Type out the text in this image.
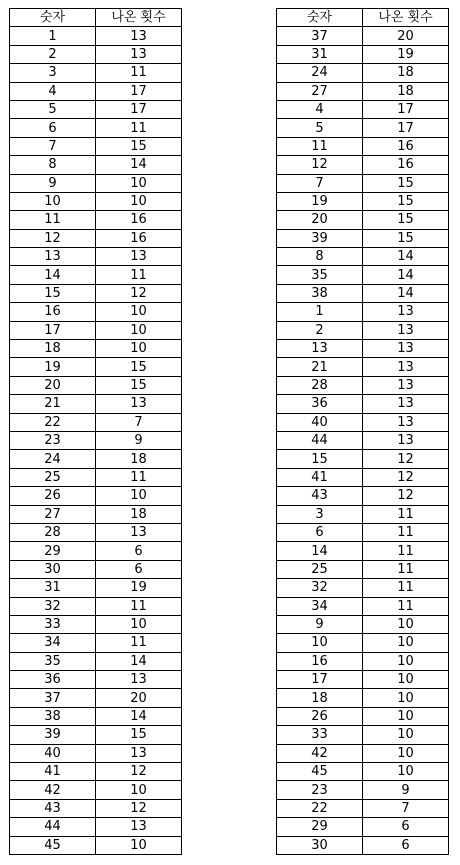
숫자	나온 횟수
1	13
2	13
3	11
4	17
5	17
6	11
7	15
8	14
9	10
10	10
11	16
12	16
13	13
14	11
15	12
16	10
17	10
18	10
19	15
20	15
21	13
22	7
23	9
24	18
25	11
26	10
27	18
28	13
29	6
30	6
31	19
32	11
33	10
34	11
35	14
36	13
37	20
38	14
39	15
40	13
41	12
42	10
43	12
44	13
45	10
숫자	나온 횟수
37	20
31	19
24	18
27	18
4	17
5	17
11	16
12	16
7	15
19	15
20	15
39	15
8	14
35	14
38	14
1	13
2	13
13	13
21	13
28	13
36	13
40	13
44	13
15	12
41	12
43	12
3	11
6	11
14	11
25	11
32	11
34	11
9	10
10	10
16	10
17	10
18	10
26	10
33	10
42	10
45	10
23	9
22	7
29	6
30	6
